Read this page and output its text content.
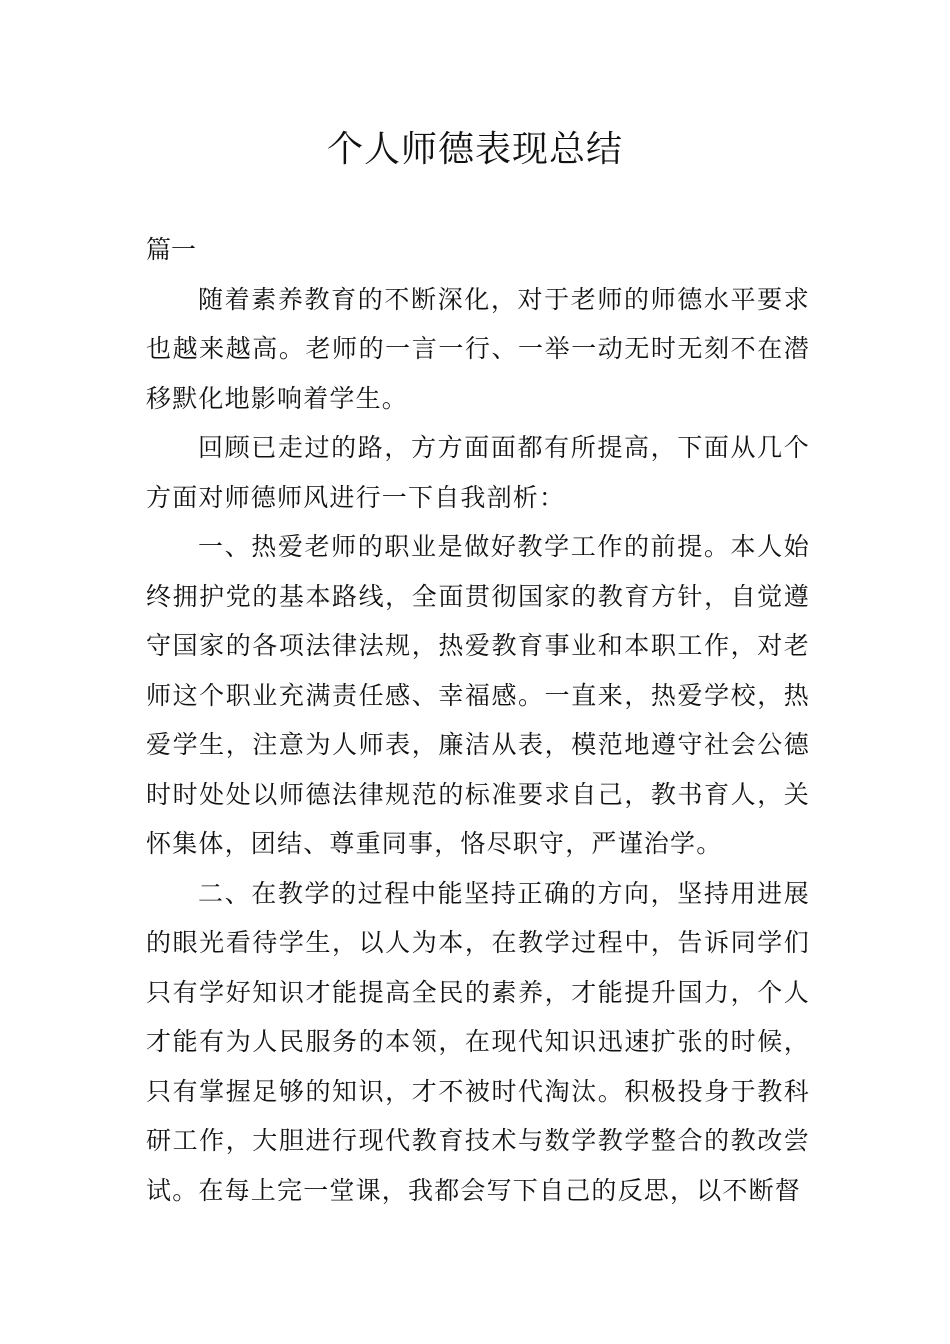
个人师德表现总结

篇一

随着素养教育的不断深化，对于老师的师德水平要求也越来越高。老师的一言一行、一举一动无时无刻不在潜移默化地影响着学生。

回顾已走过的路，方方面面都有所提高，下面从几个方面对师德师风进行一下自我剖析：

一、热爱老师的职业是做好教学工作的前提。本人始终拥护党的基本路线，全面贯彻国家的教育方针，自觉遵守国家的各项法律法规，热爱教育事业和本职工作，对老师这个职业充满责任感、幸福感。一直来，热爱学校，热爱学生，注意为人师表，廉洁从表，模范地遵守社会公德时时处处以师德法律规范的标准要求自己，教书育人，关怀集体，团结、尊重同事，恪尽职守，严谨治学。

二、在教学的过程中能坚持正确的方向，坚持用进展的眼光看待学生，以人为本，在教学过程中，告诉同学们只有学好知识才能提高全民的素养，才能提升国力，个人才能有为人民服务的本领，在现代知识迅速扩张的时候，只有掌握足够的知识，才不被时代淘汰。积极投身于教科研工作，大胆进行现代教育技术与数学教学整合的教改尝试。在每上完一堂课，我都会写下自己的反思，以不断督
